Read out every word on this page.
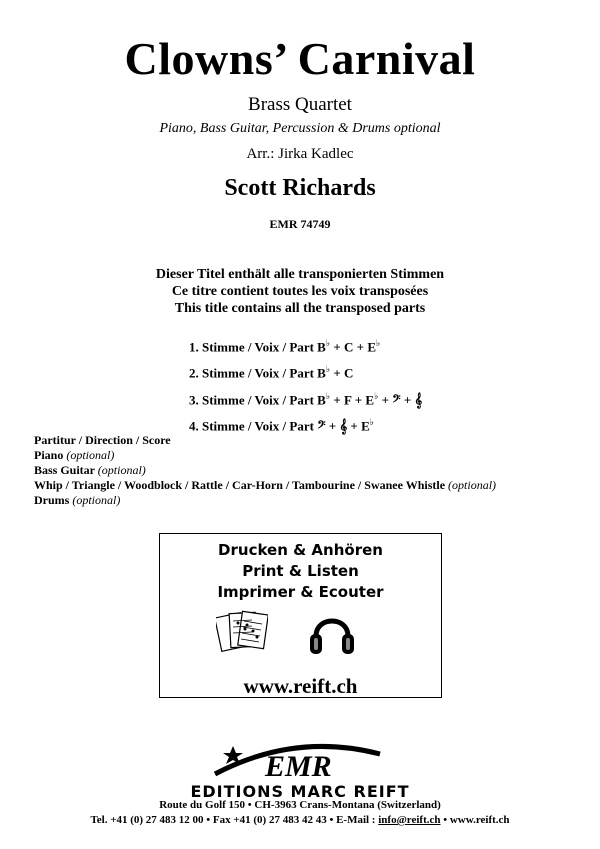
Clowns’ Carnival
Brass Quartet
Piano, Bass Guitar, Percussion & Drums optional
Arr.: Jirka Kadlec
Scott Richards
EMR 74749
Dieser Titel enthält alle transponierten Stimmen
Ce titre contient toutes les voix transposées
This title contains all the transposed parts
1. Stimme / Voix / Part B♭ + C + E♭
2. Stimme / Voix / Part B♭ + C
3. Stimme / Voix / Part B♭ + F + E♭ + 𝄢 + 𝄞
4. Stimme / Voix / Part 𝄢 + 𝄞 + E♭
Partitur / Direction / Score
Piano (optional)
Bass Guitar (optional)
Whip / Triangle / Woodblock / Rattle / Car-Horn / Tambourine / Swanee Whistle (optional)
Drums (optional)
Drucken & Anhören
Print & Listen
Imprimer & Ecouter
www.reift.ch
EMR
EDITIONS MARC REIFT
Route du Golf 150 • CH-3963 Crans-Montana (Switzerland)
Tel. +41 (0) 27 483 12 00 • Fax +41 (0) 27 483 42 43 • E-Mail : info@reift.ch • www.reift.ch
